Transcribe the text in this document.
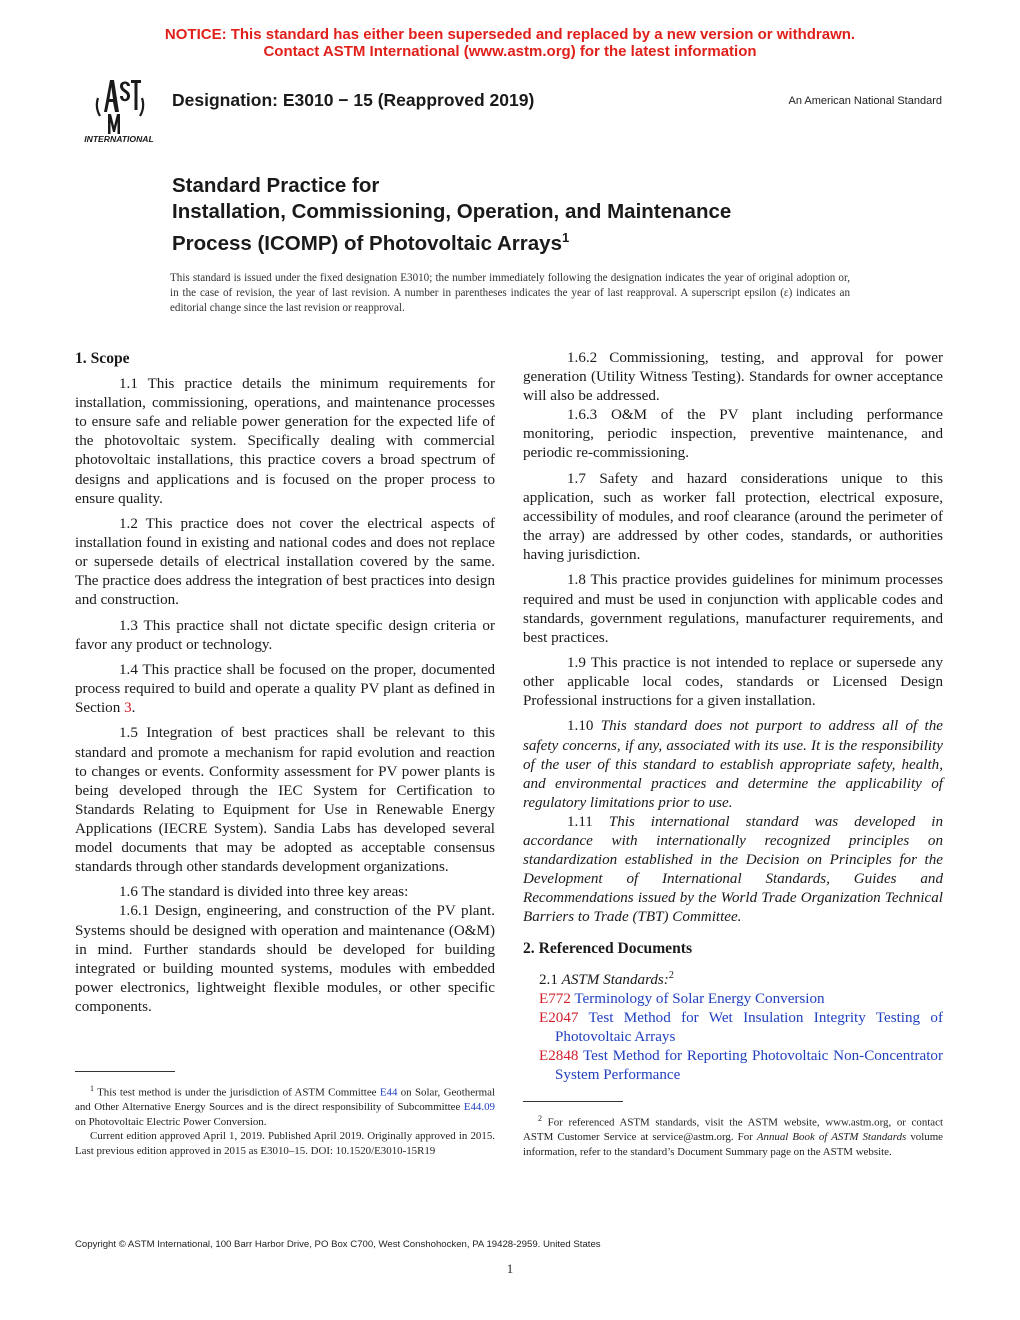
NOTICE: This standard has either been superseded and replaced by a new version or withdrawn.
Contact ASTM International (www.astm.org) for the latest information
INTERNATIONAL
Designation: E3010 − 15 (Reapproved 2019)	An American National Standard
Standard Practice for
Installation, Commissioning, Operation, and Maintenance
Process (ICOMP) of Photovoltaic Arrays$^1$
This standard is issued under the fixed designation E3010; the number immediately following the designation indicates the year of original adoption or, in the case of revision, the year of last revision. A number in parentheses indicates the year of last reapproval. A superscript epsilon (ε) indicates an editorial change since the last revision or reapproval.
1. Scope

1.1 This practice details the minimum requirements for installation, commissioning, operations, and maintenance processes to ensure safe and reliable power generation for the expected life of the photovoltaic system. Specifically dealing with commercial photovoltaic installations, this practice covers a broad spectrum of designs and applications and is focused on the proper process to ensure quality.

1.2 This practice does not cover the electrical aspects of installation found in existing and national codes and does not replace or supersede details of electrical installation covered by the same. The practice does address the integration of best practices into design and construction.

1.3 This practice shall not dictate specific design criteria or favor any product or technology.

1.4 This practice shall be focused on the proper, documented process required to build and operate a quality PV plant as defined in Section 3.

1.5 Integration of best practices shall be relevant to this standard and promote a mechanism for rapid evolution and reaction to changes or events. Conformity assessment for PV power plants is being developed through the IEC System for Certification to Standards Relating to Equipment for Use in Renewable Energy Applications (IECRE System). Sandia Labs has developed several model documents that may be adopted as acceptable consensus standards through other standards development organizations.

1.6 The standard is divided into three key areas:

1.6.1 Design, engineering, and construction of the PV plant. Systems should be designed with operation and maintenance (O&M) in mind. Further standards should be developed for building integrated or building mounted systems, modules with embedded power electronics, lightweight flexible modules, or other specific components.

1.6.2 Commissioning, testing, and approval for power generation (Utility Witness Testing). Standards for owner acceptance will also be addressed.

1.6.3 O&M of the PV plant including performance monitoring, periodic inspection, preventive maintenance, and periodic re-commissioning.

1.7 Safety and hazard considerations unique to this application, such as worker fall protection, electrical exposure, accessibility of modules, and roof clearance (around the perimeter of the array) are addressed by other codes, standards, or authorities having jurisdiction.

1.8 This practice provides guidelines for minimum processes required and must be used in conjunction with applicable codes and standards, government regulations, manufacturer requirements, and best practices.

1.9 This practice is not intended to replace or supersede any other applicable local codes, standards or Licensed Design Professional instructions for a given installation.

1.10 This standard does not purport to address all of the safety concerns, if any, associated with its use. It is the responsibility of the user of this standard to establish appropriate safety, health, and environmental practices and determine the applicability of regulatory limitations prior to use.

1.11 This international standard was developed in accordance with internationally recognized principles on standardization established in the Decision on Principles for the Development of International Standards, Guides and Recommendations issued by the World Trade Organization Technical Barriers to Trade (TBT) Committee.

2. Referenced Documents

2.1 ASTM Standards:$^2$

E772 Terminology of Solar Energy Conversion

E2047 Test Method for Wet Insulation Integrity Testing of Photovoltaic Arrays

E2848 Test Method for Reporting Photovoltaic Non-Concentrator System Performance

$^1$ This test method is under the jurisdiction of ASTM Committee E44 on Solar, Geothermal and Other Alternative Energy Sources and is the direct responsibility of Subcommittee E44.09 on Photovoltaic Electric Power Conversion.

Current edition approved April 1, 2019. Published April 2019. Originally approved in 2015. Last previous edition approved in 2015 as E3010–15. DOI: 10.1520/E3010-15R19

$^2$ For referenced ASTM standards, visit the ASTM website, www.astm.org, or contact ASTM Customer Service at service@astm.org. For Annual Book of ASTM Standards volume information, refer to the standard’s Document Summary page on the ASTM website.

Copyright © ASTM International, 100 Barr Harbor Drive, PO Box C700, West Conshohocken, PA 19428-2959. United States
1
